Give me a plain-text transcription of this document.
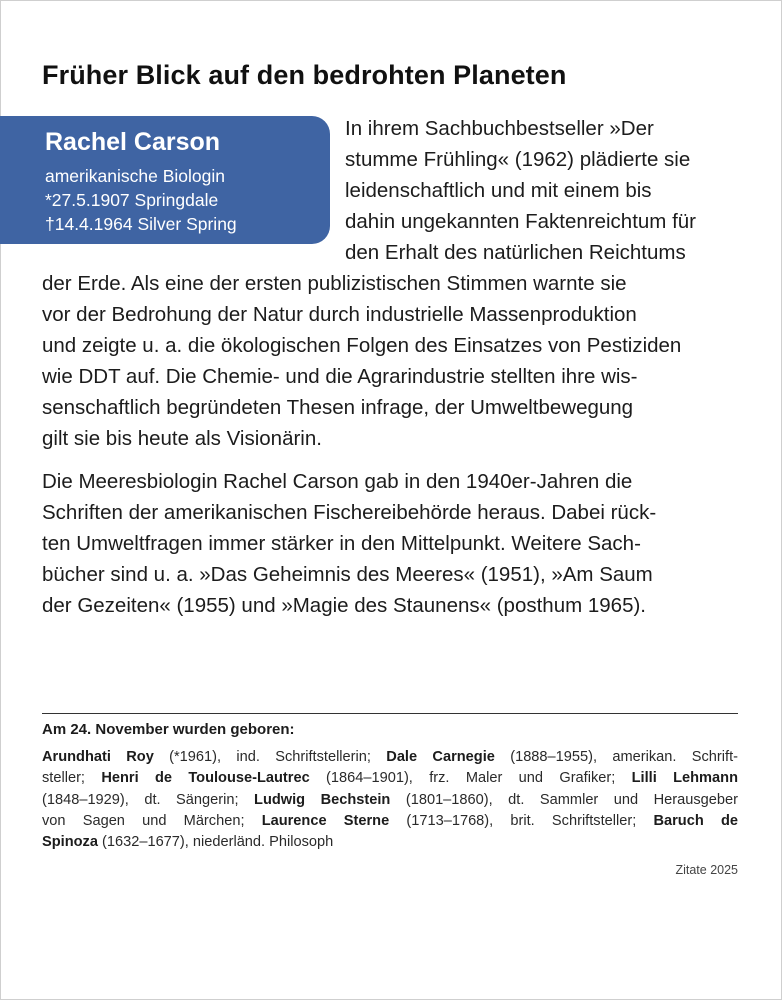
Früher Blick auf den bedrohten Planeten
Rachel Carson
amerikanische Biologin
*27.5.1907 Springdale
†14.4.1964 Silver Spring
In ihrem Sachbuchbestseller »Der
stumme Frühling« (1962) plädierte sie
leidenschaftlich und mit einem bis
dahin ungekannten Faktenreichtum für
den Erhalt des natürlichen Reichtums
der Erde. Als eine der ersten publizistischen Stimmen warnte sie
vor der Bedrohung der Natur durch industrielle Massenproduktion
und zeigte u. a. die ökologischen Folgen des Einsatzes von Pestiziden
wie DDT auf. Die Chemie- und die Agrarindustrie stellten ihre wis-
senschaftlich begründeten Thesen infrage, der Umweltbewegung
gilt sie bis heute als Visionärin.
Die Meeresbiologin Rachel Carson gab in den 1940er-Jahren die
Schriften der amerikanischen Fischereibehörde heraus. Dabei rück-
ten Umweltfragen immer stärker in den Mittelpunkt. Weitere Sach-
bücher sind u. a. »Das Geheimnis des Meeres« (1951), »Am Saum
der Gezeiten« (1955) und »Magie des Staunens« (posthum 1965).
Am 24. November wurden geboren:
Arundhati Roy (*1961), ind. Schriftstellerin; Dale Carnegie (1888–1955), amerikan. Schrift-
steller; Henri de Toulouse-Lautrec (1864–1901), frz. Maler und Grafiker; Lilli Lehmann
(1848–1929), dt. Sängerin; Ludwig Bechstein (1801–1860), dt. Sammler und Herausgeber
von Sagen und Märchen; Laurence Sterne (1713–1768), brit. Schriftsteller; Baruch de
Spinoza (1632–1677), niederländ. Philosoph
Zitate 2025
